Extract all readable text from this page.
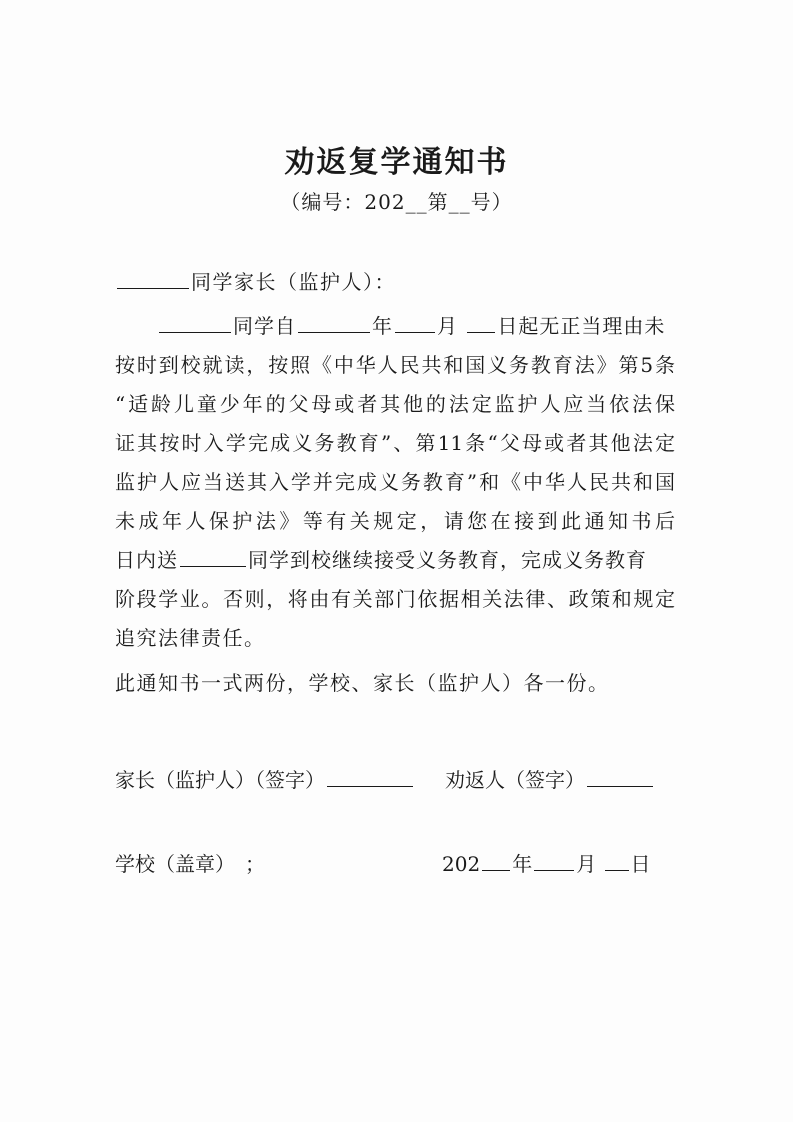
劝返复学通知书
（编号：202__第__号）
同学家长（监护人）：
同学自	年 月 日起无正当理由未
按时到校就读，按照《中华人民共和国义务教育法》第5条
“适龄儿童少年的父母或者其他的法定监护人应当依法保
证其按时入学完成义务教育”、第11条“父母或者其他法定
监护人应当送其入学并完成义务教育”和《中华人民共和国
未成年人保护法》等有关规定，请您在接到此通知书后
日内送	同学到校继续接受义务教育，完成义务教育
阶段学业。否则，将由有关部门依据相关法律、政策和规定
追究法律责任。
此通知书一式两份，学校、家长（监护人）各一份。
家长（监护人）（签字）	劝返人（签字）
学校（盖章）　；	202 年 月 日
